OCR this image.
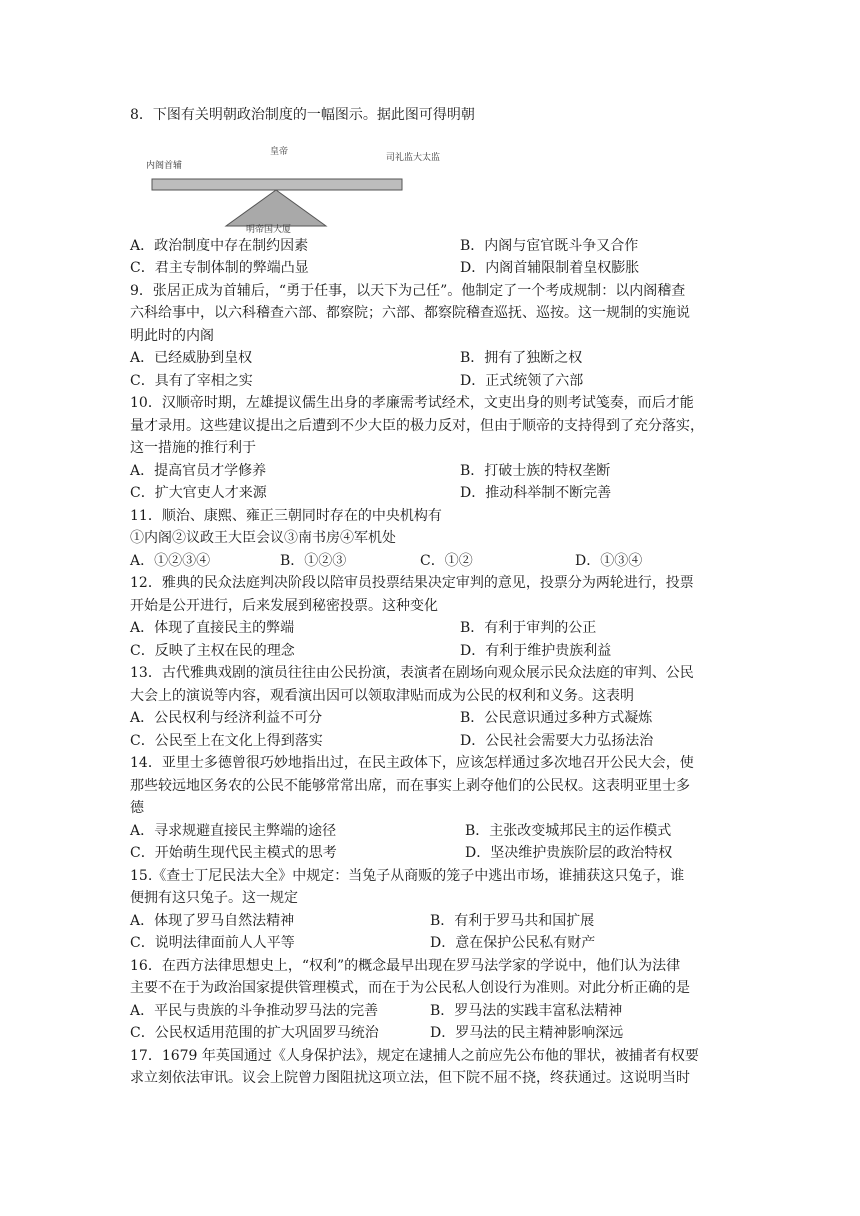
8．下图有关明朝政治制度的一幅图示。据此图可得明朝
内阁首辅
皇帝
司礼监大太监
明帝国大厦
A．政治制度中存在制约因素	B．内阁与宦官既斗争又合作
C．君主专制体制的弊端凸显	D．内阁首辅限制着皇权膨胀
9．张居正成为首辅后，“勇于任事，以天下为己任”。他制定了一个考成规制：以内阁稽查
六科给事中，以六科稽查六部、都察院；六部、都察院稽查巡抚、巡按。这一规制的实施说
明此时的内阁
A．已经威胁到皇权	B．拥有了独断之权
C．具有了宰相之实	D．正式统领了六部
10．汉顺帝时期，左雄提议儒生出身的孝廉需考试经术，文吏出身的则考试笺奏，而后才能
量才录用。这些建议提出之后遭到不少大臣的极力反对，但由于顺帝的支持得到了充分落实，
这一措施的推行利于
A．提高官员才学修养	B．打破士族的特权垄断
C．扩大官吏人才来源	D．推动科举制不断完善
11．顺治、康熙、雍正三朝同时存在的中央机构有
①内阁②议政王大臣会议③南书房④军机处
A．①②③④	B．①②③	C．①②	D．①③④
12．雅典的民众法庭判决阶段以陪审员投票结果决定审判的意见，投票分为两轮进行，投票
开始是公开进行，后来发展到秘密投票。这种变化
A．体现了直接民主的弊端	B．有利于审判的公正
C．反映了主权在民的理念	D．有利于维护贵族利益
13．古代雅典戏剧的演员往往由公民扮演，表演者在剧场向观众展示民众法庭的审判、公民
大会上的演说等内容，观看演出因可以领取津贴而成为公民的权利和义务。这表明
A．公民权利与经济利益不可分	B．公民意识通过多种方式凝炼
C．公民至上在文化上得到落实	D．公民社会需要大力弘扬法治
14．亚里士多德曾很巧妙地指出过，在民主政体下，应该怎样通过多次地召开公民大会，使
那些较远地区务农的公民不能够常常出席，而在事实上剥夺他们的公民权。这表明亚里士多
德
A．寻求规避直接民主弊端的途径	B．主张改变城邦民主的运作模式
C．开始萌生现代民主模式的思考	D．坚决维护贵族阶层的政治特权
15.《查士丁尼民法大全》中规定：当兔子从商贩的笼子中逃出市场，谁捕获这只兔子，谁
便拥有这只兔子。这一规定
A．体现了罗马自然法精神	B．有利于罗马共和国扩展
C．说明法律面前人人平等	D．意在保护公民私有财产
16．在西方法律思想史上，“权利”的概念最早出现在罗马法学家的学说中，他们认为法律
主要不在于为政治国家提供管理模式，而在于为公民私人创设行为准则。对此分析正确的是
A．平民与贵族的斗争推动罗马法的完善	B．罗马法的实践丰富私法精神
C．公民权适用范围的扩大巩固罗马统治	D．罗马法的民主精神影响深远
17．1679 年英国通过《人身保护法》，规定在逮捕人之前应先公布他的罪状，被捕者有权要
求立刻依法审讯。议会上院曾力图阻扰这项立法，但下院不屈不挠，终获通过。这说明当时
